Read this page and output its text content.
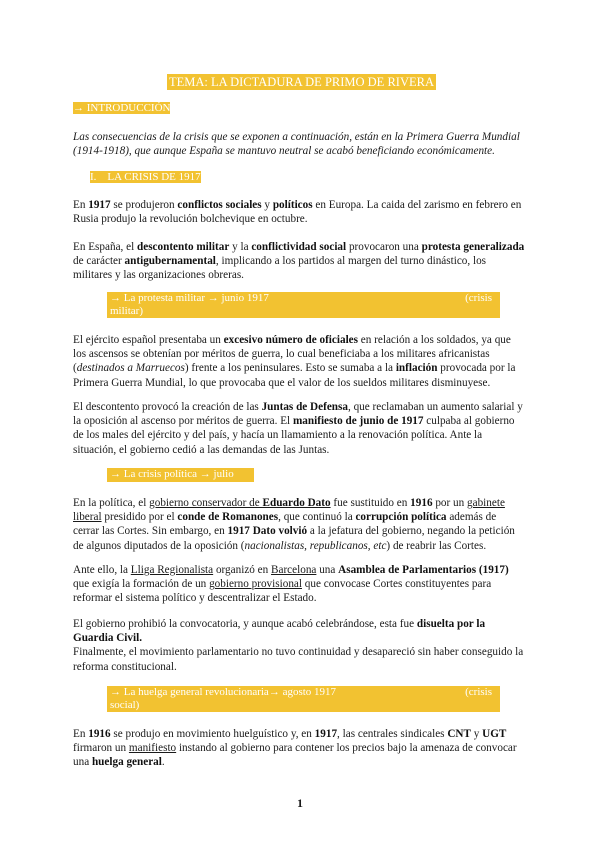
TEMA: LA DICTADURA DE PRIMO DE RIVERA
→ INTRODUCCIÓN

Las consecuencias de la crisis que se exponen a continuación, están en la Primera Guerra Mundial (1914-1918), que aunque España se mantuvo neutral se acabó beneficiando económicamente.

I. LA CRISIS DE 1917

En 1917 se produjeron conflictos sociales y políticos en Europa. La caida del zarismo en febrero en Rusia produjo la revolución bolchevique en octubre.

En España, el descontento militar y la conflictividad social provocaron una protesta generalizada de carácter antigubernamental, implicando a los partidos al margen del turno dinástico, los militares y las organizaciones obreras.

→ La protesta militar → junio 1917	(crisis
militar)

El ejército español presentaba un excesivo número de oficiales en relación a los soldados, ya que los ascensos se obtenían por méritos de guerra, lo cual beneficiaba a los militares africanistas (destinados a Marruecos) frente a los peninsulares. Esto se sumaba a la inflación provocada por la Primera Guerra Mundial, lo que provocaba que el valor de los sueldos militares disminuyese.

El descontento provocó la creación de las Juntas de Defensa, que reclamaban un aumento salarial y la oposición al ascenso por méritos de guerra. El manifiesto de junio de 1917 culpaba al gobierno de los males del ejército y del país, y hacía un llamamiento a la renovación política. Ante la situación, el gobierno cedió a las demandas de las Juntas.

→ La crisis política → julio 1917

En la política, el gobierno conservador de Eduardo Dato fue sustituido en 1916 por un gabinete liberal presidido por el conde de Romanones, que continuó la corrupción política además de cerrar las Cortes. Sin embargo, en 1917 Dato volvió a la jefatura del gobierno, negando la petición de algunos diputados de la oposición (nacionalistas, republicanos, etc) de reabrir las Cortes.

Ante ello, la Lliga Regionalista organizó en Barcelona una Asamblea de Parlamentarios (1917) que exigía la formación de un gobierno provisional que convocase Cortes constituyentes para reformar el sistema político y descentralizar el Estado.

El gobierno prohibió la convocatoria, y aunque acabó celebrándose, esta fue disuelta por la Guardia Civil.
Finalmente, el movimiento parlamentario no tuvo continuidad y desapareció sin haber conseguido la reforma constitucional.

→ La huelga general revolucionaria→ agosto 1917	(crisis
social)

En 1916 se produjo en movimiento huelguístico y, en 1917, las centrales sindicales CNT y UGT firmaron un manifiesto instando al gobierno para contener los precios bajo la amenaza de convocar una huelga general.

1
